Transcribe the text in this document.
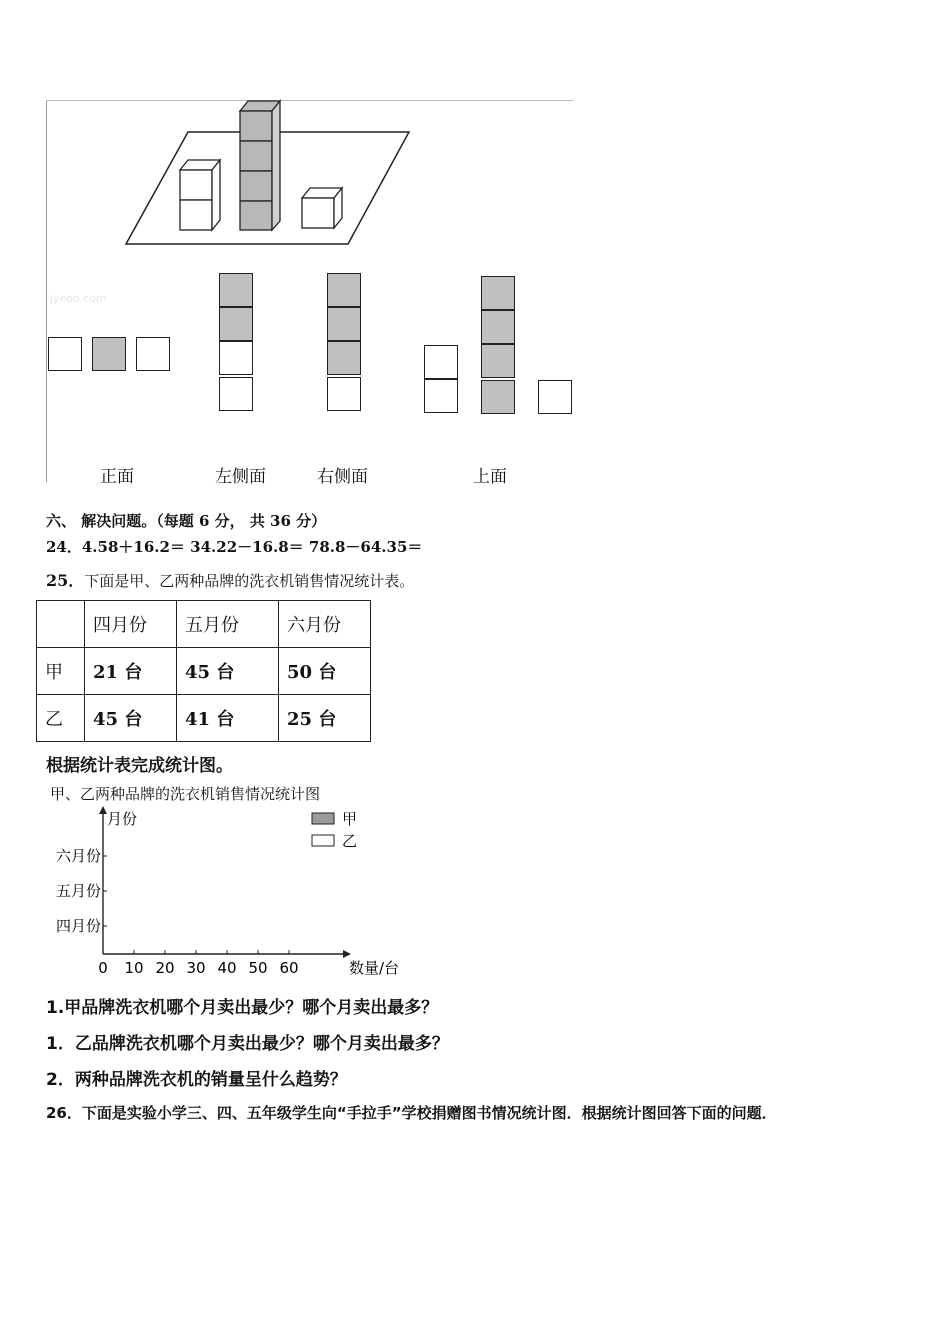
jyeoo.com
正面	左侧面	右侧面	上面
六、 解决问题。（每题 6 分， 共 36 分）
24．4.58＋16.2＝ 34.22－16.8＝ 78.8－64.35＝
25．下面是甲、乙两种品牌的洗衣机销售情况统计表。
	四月份	五月份	六月份
甲	21 台	45 台	50 台
乙	45 台	41 台	25 台
根据统计表完成统计图。
甲、乙两种品牌的洗衣机销售情况统计图
月份
数量/台
0 10 20 30 40 50 60
四月份
五月份
六月份
甲
乙
1.甲品牌洗衣机哪个月卖出最少？哪个月卖出最多？
1．乙品牌洗衣机哪个月卖出最少？哪个月卖出最多？
2．两种品牌洗衣机的销量呈什么趋势？
26．下面是实验小学三、四、五年级学生向“手拉手”学校捐赠图书情况统计图．根据统计图回答下面的问题．
